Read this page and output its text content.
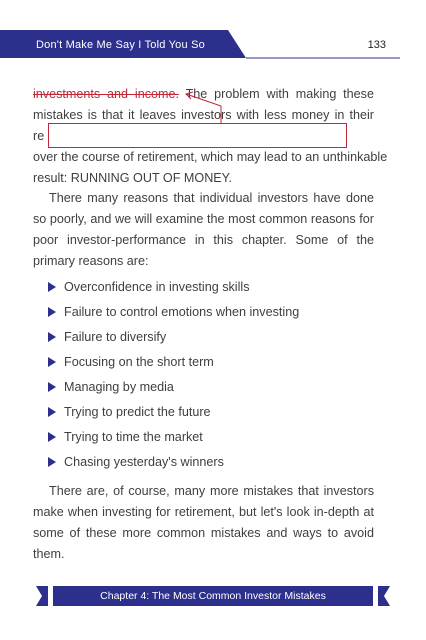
Don't Make Me Say I Told You So	133
investments and income. The problem with making these
mistakes is that it leaves investors with less money in their
re
over the course of retirement, which may lead to an unthinkable
result: RUNNING OUT OF MONEY.

There many reasons that individual investors have done so poorly, and we will examine the most common reasons for poor investor-performance in this chapter. Some of the primary reasons are:

Overconfidence in investing skills
Failure to control emotions when investing
Failure to diversify
Focusing on the short term
Managing by media
Trying to predict the future
Trying to time the market
Chasing yesterday's winners

There are, of course, many more mistakes that investors make when investing for retirement, but let's look in-depth at some of these more common mistakes and ways to avoid them.

Chapter 4: The Most Common Investor Mistakes
